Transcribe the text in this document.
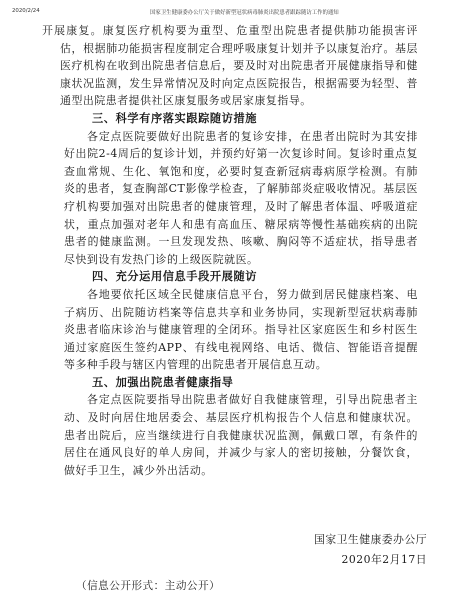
2020/2/24	国家卫生健康委办公厅关于做好新型冠状病毒肺炎出院患者跟踪随访工作的通知

开展康复。康复医疗机构要为重型、危重型出院患者提供肺功能损害评估，根据肺功能损害程度制定合理呼吸康复计划并予以康复治疗。基层医疗机构在收到出院患者信息后，要及时对出院患者开展健康指导和健康状况监测，发生异常情况及时向定点医院报告，根据需要为轻型、普通型出院患者提供社区康复服务或居家康复指导。

三、科学有序落实跟踪随访措施

各定点医院要做好出院患者的复诊安排，在患者出院时为其安排好出院2-4周后的复诊计划，并预约好第一次复诊时间。复诊时重点复查血常规、生化、氧饱和度，必要时复查新冠病毒病原学检测。有肺炎的患者，复查胸部CT影像学检查，了解肺部炎症吸收情况。基层医疗机构要加强对出院患者的健康管理，及时了解患者体温、呼吸道症状，重点加强对老年人和患有高血压、糖尿病等慢性基础疾病的出院患者的健康监测。一旦发现发热、咳嗽、胸闷等不适症状，指导患者尽快到设有发热门诊的上级医院就医。

四、充分运用信息手段开展随访

各地要依托区域全民健康信息平台，努力做到居民健康档案、电子病历、出院随访档案等信息共享和业务协同，实现新型冠状病毒肺炎患者临床诊治与健康管理的全闭环。指导社区家庭医生和乡村医生通过家庭医生签约APP、有线电视网络、电话、微信、智能语音提醒等多种手段与辖区内管理的出院患者开展信息互动。

五、加强出院患者健康指导

各定点医院要指导出院患者做好自我健康管理，引导出院患者主动、及时向居住地居委会、基层医疗机构报告个人信息和健康状况。患者出院后，应当继续进行自我健康状况监测，佩戴口罩，有条件的居住在通风良好的单人房间，并减少与家人的密切接触，分餐饮食，做好手卫生，减少外出活动。

国家卫生健康委办公厅
2020年2月17日
（信息公开形式：主动公开）
